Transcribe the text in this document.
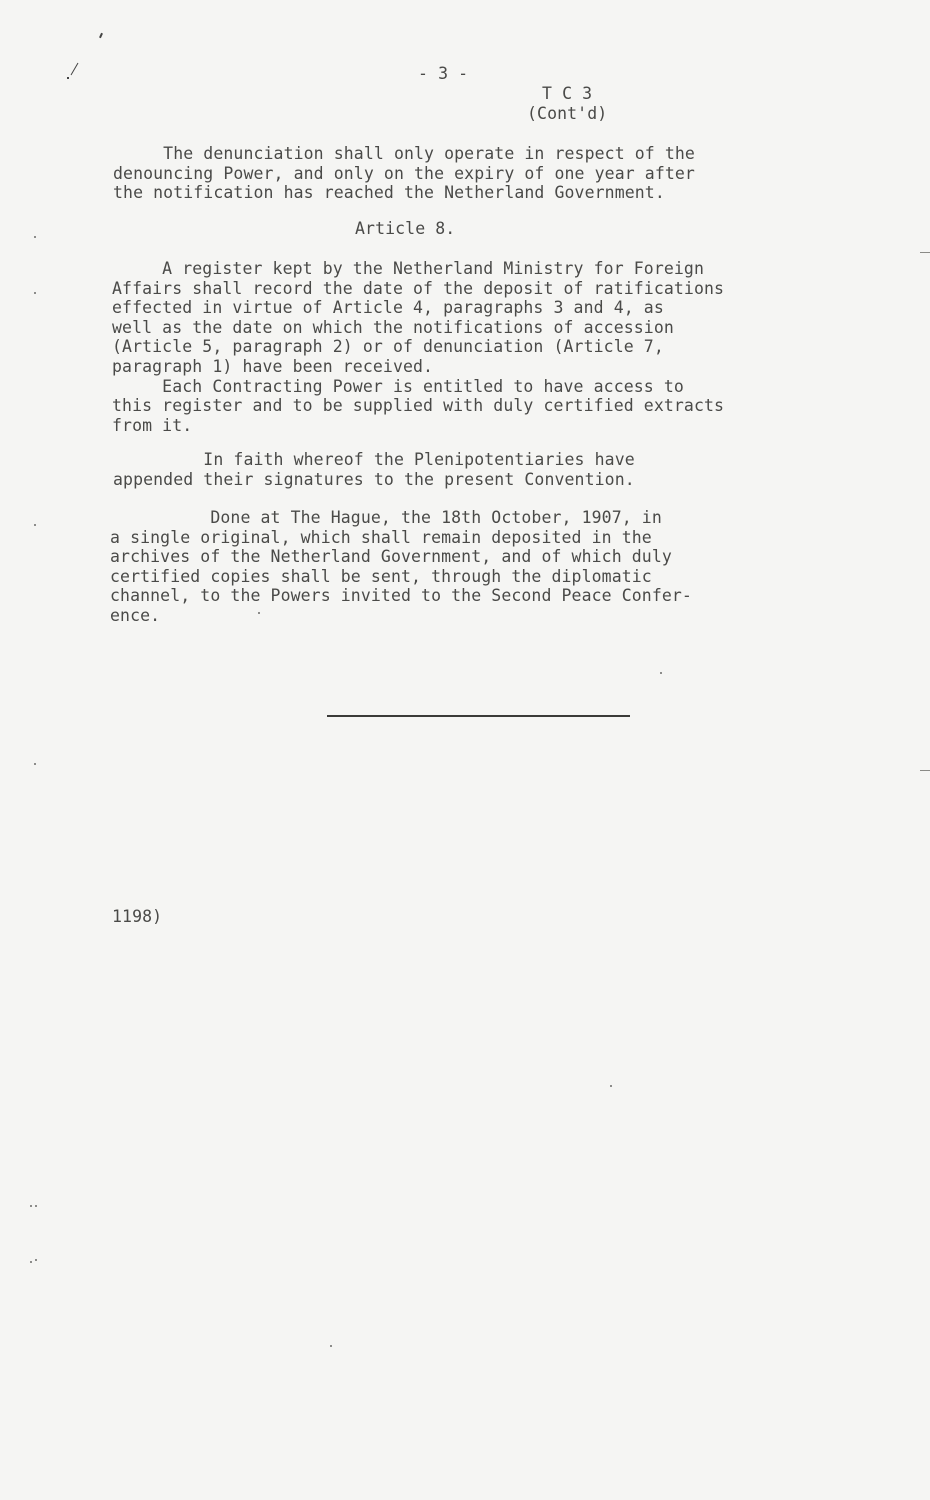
- 3 -
T C 3
(Cont'd)
The denunciation shall only operate in respect of the
denouncing Power, and only on the expiry of one year after
the notification has reached the Netherland Government.
Article 8.
A register kept by the Netherland Ministry for Foreign
Affairs shall record the date of the deposit of ratifications
effected in virtue of Article 4, paragraphs 3 and 4, as
well as the date on which the notifications of accession
(Article 5, paragraph 2) or of denunciation (Article 7,
paragraph 1) have been received.
Each Contracting Power is entitled to have access to
this register and to be supplied with duly certified extracts
from it.
In faith whereof the Plenipotentiaries have
appended their signatures to the present Convention.
Done at The Hague, the 18th October, 1907, in
a single original, which shall remain deposited in the
archives of the Netherland Government, and of which duly
certified copies shall be sent, through the diplomatic
channel, to the Powers invited to the Second Peace Confer-
ence.
1198)
